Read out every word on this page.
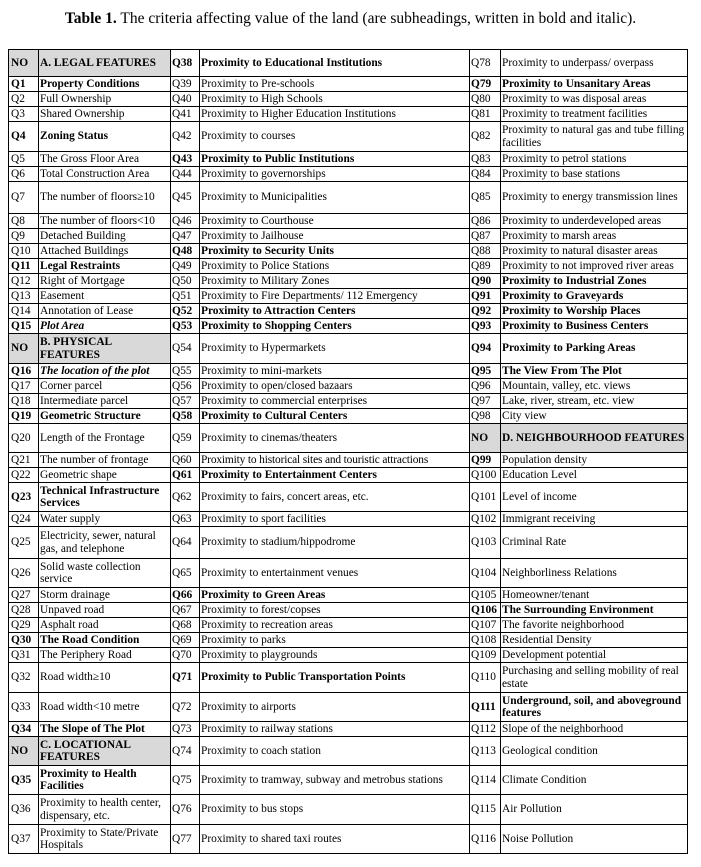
Table 1. The criteria affecting value of the land (are subheadings, written in bold and italic).
NO	A. LEGAL FEATURES	Q38	Proximity to Educational Institutions	Q78	Proximity to underpass/ overpass
Q1	Property Conditions	Q39	Proximity to Pre-schools	Q79	Proximity to Unsanitary Areas
Q2	Full Ownership	Q40	Proximity to High Schools	Q80	Proximity to was disposal areas
Q3	Shared Ownership	Q41	Proximity to Higher Education Institutions	Q81	Proximity to treatment facilities
Q4	Zoning Status	Q42	Proximity to courses	Q82	Proximity to natural gas and tube filling facilities
Q5	The Gross Floor Area	Q43	Proximity to Public Institutions	Q83	Proximity to petrol stations
Q6	Total Construction Area	Q44	Proximity to governorships	Q84	Proximity to base stations
Q7	The number of floors≥10	Q45	Proximity to Municipalities	Q85	Proximity to energy transmission lines
Q8	The number of floors<10	Q46	Proximity to Courthouse	Q86	Proximity to underdeveloped areas
Q9	Detached Building	Q47	Proximity to Jailhouse	Q87	Proximity to marsh areas
Q10	Attached Buildings	Q48	Proximity to Security Units	Q88	Proximity to natural disaster areas
Q11	Legal Restraints	Q49	Proximity to Police Stations	Q89	Proximity to not improved river areas
Q12	Right of Mortgage	Q50	Proximity to Military Zones	Q90	Proximity to Industrial Zones
Q13	Easement	Q51	Proximity to Fire Departments/ 112 Emergency	Q91	Proximity to Graveyards
Q14	Annotation of Lease	Q52	Proximity to Attraction Centers	Q92	Proximity to Worship Places
Q15	Plot Area	Q53	Proximity to Shopping Centers	Q93	Proximity to Business Centers
NO	B. PHYSICAL FEATURES	Q54	Proximity to Hypermarkets	Q94	Proximity to Parking Areas
Q16	The location of the plot	Q55	Proximity to mini-markets	Q95	The View From The Plot
Q17	Corner parcel	Q56	Proximity to open/closed bazaars	Q96	Mountain, valley, etc. views
Q18	Intermediate parcel	Q57	Proximity to commercial enterprises	Q97	Lake, river, stream, etc. view
Q19	Geometric Structure	Q58	Proximity to Cultural Centers	Q98	City view
Q20	Length of the Frontage	Q59	Proximity to cinemas/theaters	NO	D. NEIGHBOURHOOD FEATURES
Q21	The number of frontage	Q60	Proximity to historical sites and touristic attractions	Q99	Population density
Q22	Geometric shape	Q61	Proximity to Entertainment Centers	Q100	Education Level
Q23	Technical Infrastructure Services	Q62	Proximity to fairs, concert areas, etc.	Q101	Level of income
Q24	Water supply	Q63	Proximity to sport facilities	Q102	Immigrant receiving
Q25	Electricity, sewer, natural gas, and telephone	Q64	Proximity to stadium/hippodrome	Q103	Criminal Rate
Q26	Solid waste collection service	Q65	Proximity to entertainment venues	Q104	Neighborliness Relations
Q27	Storm drainage	Q66	Proximity to Green Areas	Q105	Homeowner/tenant
Q28	Unpaved road	Q67	Proximity to forest/copses	Q106	The Surrounding Environment
Q29	Asphalt road	Q68	Proximity to recreation areas	Q107	The favorite neighborhood
Q30	The Road Condition	Q69	Proximity to parks	Q108	Residential Density
Q31	The Periphery Road	Q70	Proximity to playgrounds	Q109	Development potential
Q32	Road width≥10	Q71	Proximity to Public Transportation Points	Q110	Purchasing and selling mobility of real estate
Q33	Road width<10 metre	Q72	Proximity to airports	Q111	Underground, soil, and aboveground features
Q34	The Slope of The Plot	Q73	Proximity to railway stations	Q112	Slope of the neighborhood
NO	C. LOCATIONAL FEATURES	Q74	Proximity to coach station	Q113	Geological condition
Q35	Proximity to Health Facilities	Q75	Proximity to tramway, subway and metrobus stations	Q114	Climate Condition
Q36	Proximity to health center, dispensary, etc.	Q76	Proximity to bus stops	Q115	Air Pollution
Q37	Proximity to State/Private Hospitals	Q77	Proximity to shared taxi routes	Q116	Noise Pollution
